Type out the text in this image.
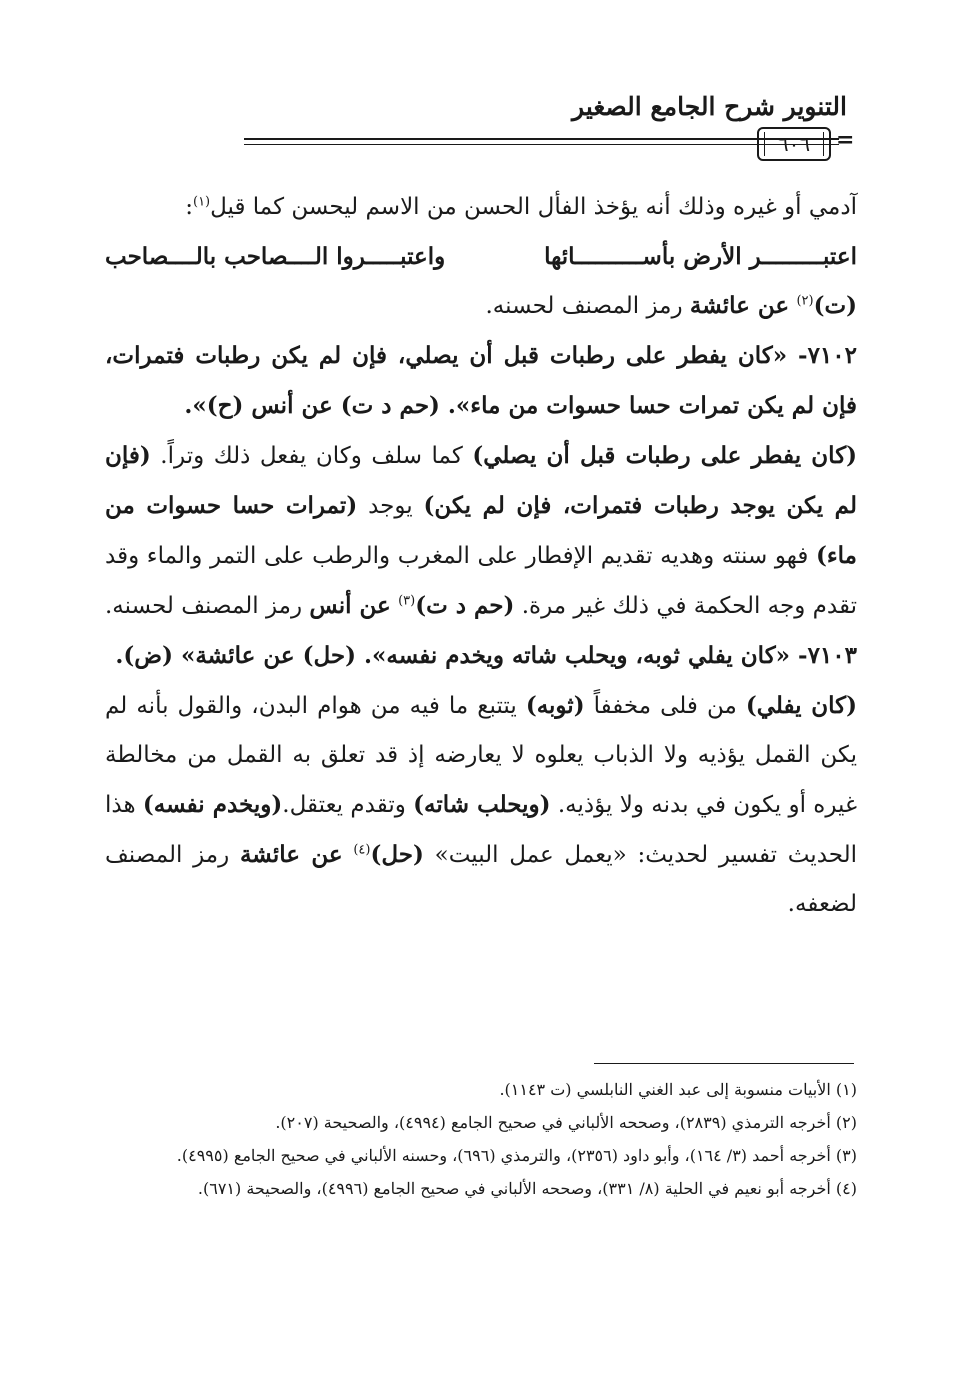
التنوير شرح الجامع الصغير
٦٠٦ =

آدمي أو غيره وذلك أنه يؤخذ الفأل الحسن من الاسم ليحسن كما قيل$^{(١)}$:

اعتبـــــــــر الأرض بأســــــــــائها
واعتبـــــروا الــــصاحب بالــــصاحب

(ت)$^{(٢)}$ عن عائشة رمز المصنف لحسنه.

٧١٠٢- «كان يفطر على رطبات قبل أن يصلي، فإن لم يكن رطبات فتمرات، فإن لم يكن تمرات حسا حسوات من ماء». (حم د ت) عن أنس (ح)».

(كان يفطر على رطبات قبل أن يصلي) كما سلف وكان يفعل ذلك وتراً. (فإن لم يكن يوجد رطبات فتمرات، فإن لم يكن) يوجد (تمرات حسا حسوات من ماء) فهو سنته وهديه تقديم الإفطار على المغرب والرطب على التمر والماء وقد تقدم وجه الحكمة في ذلك غير مرة. (حم د ت)$^{(٣)}$ عن أنس رمز المصنف لحسنه.

٧١٠٣- «كان يفلي ثوبه، ويحلب شاته ويخدم نفسه». (حل) عن عائشة» (ض).

(كان يفلي) من فلى مخففاً (ثوبه) يتتبع ما فيه من هوام البدن، والقول بأنه لم يكن القمل يؤذيه ولا الذباب يعلوه لا يعارضه إذ قد تعلق به القمل من مخالطة غيره أو يكون في بدنه ولا يؤذيه. (ويحلب شاته) وتقدم يعتقل.(ويخدم نفسه) هذا الحديث تفسير لحديث: «يعمل عمل البيت» (حل)$^{(٤)}$ عن عائشة رمز المصنف لضعفه.

(١) الأبيات منسوبة إلى عبد الغني النابلسي (ت ١١٤٣).

(٢) أخرجه الترمذي (٢٨٣٩)، وصححه الألباني في صحيح الجامع (٤٩٩٤)، والصحيحة (٢٠٧).

(٣) أخرجه أحمد (٣/ ١٦٤)، وأبو داود (٢٣٥٦)، والترمذي (٦٩٦)، وحسنه الألباني في صحيح الجامع (٤٩٩٥).

(٤) أخرجه أبو نعيم في الحلية (٨/ ٣٣١)، وصححه الألباني في صحيح الجامع (٤٩٩٦)، والصحيحة (٦٧١).
